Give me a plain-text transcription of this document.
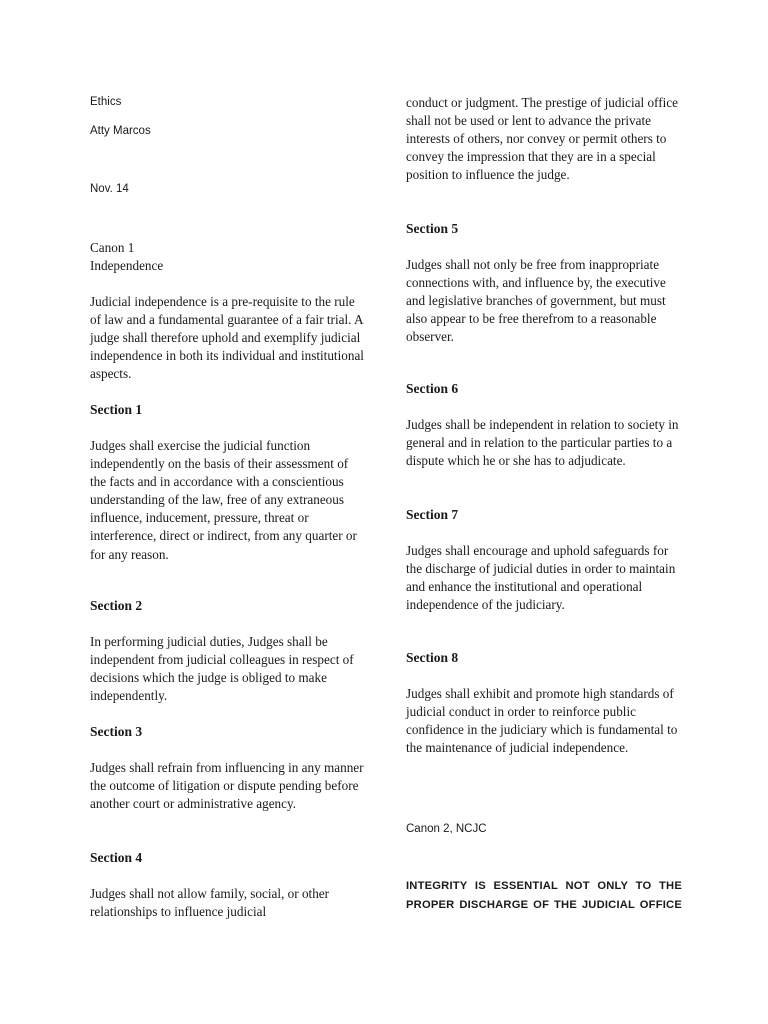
Ethics

Atty Marcos

Nov. 14

Canon 1

Independence

Judicial independence is a pre-requisite to the rule of law and a fundamental guarantee of a fair trial. A judge shall therefore uphold and exemplify judicial independence in both its individual and institutional aspects.

Section 1

Judges shall exercise the judicial function independently on the basis of their assessment of the facts and in accordance with a conscientious understanding of the law, free of any extraneous influence, inducement, pressure, threat or interference, direct or indirect, from any quarter or for any reason.

Section 2

In performing judicial duties, Judges shall be independent from judicial colleagues in respect of decisions which the judge is obliged to make independently.

Section 3

Judges shall refrain from influencing in any manner the outcome of litigation or dispute pending before another court or administrative agency.

Section 4

Judges shall not allow family, social, or other relationships to influence judicial

conduct or judgment. The prestige of judicial office shall not be used or lent to advance the private interests of others, nor convey or permit others to convey the impression that they are in a special position to influence the judge.

Section 5

Judges shall not only be free from inappropriate connections with, and influence by, the executive and legislative branches of government, but must also appear to be free therefrom to a reasonable observer.

Section 6

Judges shall be independent in relation to society in general and in relation to the particular parties to a dispute which he or she has to adjudicate.

Section 7

Judges shall encourage and uphold safeguards for the discharge of judicial duties in order to maintain and enhance the institutional and operational independence of the judiciary.

Section 8

Judges shall exhibit and promote high standards of judicial conduct in order to reinforce public confidence in the judiciary which is fundamental to the maintenance of judicial independence.

Canon 2, NCJC

INTEGRITY IS ESSENTIAL NOT ONLY TO THE

PROPER DISCHARGE OF THE JUDICIAL OFFICE
